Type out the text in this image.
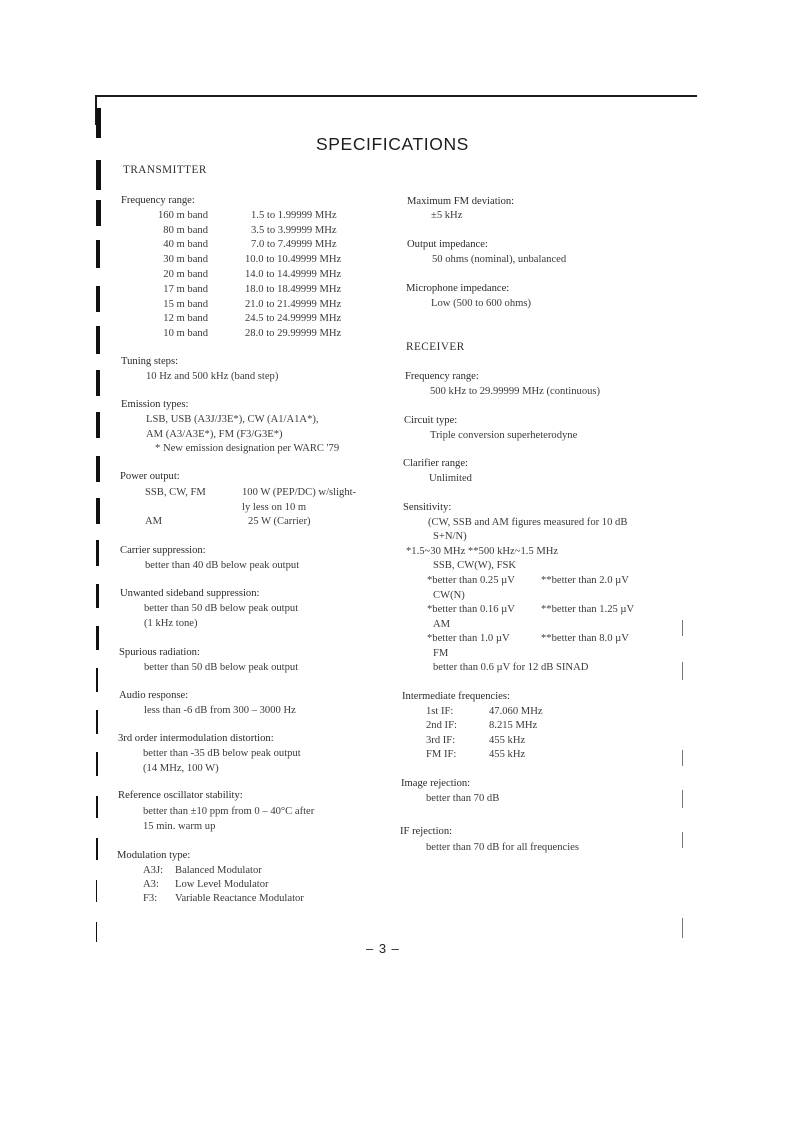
SPECIFICATIONS
TRANSMITTER
Frequency range:
160 m band	1.5 to 1.99999 MHz
80 m band	3.5 to 3.99999 MHz
40 m band	7.0 to 7.49999 MHz
30 m band	10.0 to 10.49999 MHz
20 m band	14.0 to 14.49999 MHz
17 m band	18.0 to 18.49999 MHz
15 m band	21.0 to 21.49999 MHz
12 m band	24.5 to 24.99999 MHz
10 m band	28.0 to 29.99999 MHz
Tuning steps:
10 Hz and 500 kHz (band step)
Emission types:
LSB, USB (A3J/J3E*), CW (A1/A1A*),
AM (A3/A3E*), FM (F3/G3E*)
* New emission designation per WARC '79
Power output:
SSB, CW, FM	100 W (PEP/DC) w/slight-
ly less on 10 m
AM	25 W (Carrier)
Carrier suppression:
better than 40 dB below peak output
Unwanted sideband suppression:
better than 50 dB below peak output
(1 kHz tone)
Spurious radiation:
better than 50 dB below peak output
Audio response:
less than -6 dB from 300 – 3000 Hz
3rd order intermodulation distortion:
better than -35 dB below peak output
(14 MHz, 100 W)
Reference oscillator stability:
better than ±10 ppm from 0 – 40°C after
15 min. warm up
Modulation type:
A3J: Balanced Modulator
A3: Low Level Modulator
F3: Variable Reactance Modulator
Maximum FM deviation:
±5 kHz
Output impedance:
50 ohms (nominal), unbalanced
Microphone impedance:
Low (500 to 600 ohms)
RECEIVER
Frequency range:
500 kHz to 29.99999 MHz (continuous)
Circuit type:
Triple conversion superheterodyne
Clarifier range:
Unlimited
Sensitivity:
(CW, SSB and AM figures measured for 10 dB
S+N/N)
*1.5~30 MHz **500 kHz~1.5 MHz
SSB, CW(W), FSK
*better than 0.25 µV **better than 2.0 µV
CW(N)
*better than 0.16 µV **better than 1.25 µV
AM
*better than 1.0 µV	**better than 8.0 µV
FM
better than 0.6 µV for 12 dB SINAD
Intermediate frequencies:
1st IF:	47.060 MHz
2nd IF:	8.215 MHz
3rd IF:	455 kHz
FM IF:	455 kHz
Image rejection:
better than 70 dB
IF rejection:
better than 70 dB for all frequencies
– 3 –
